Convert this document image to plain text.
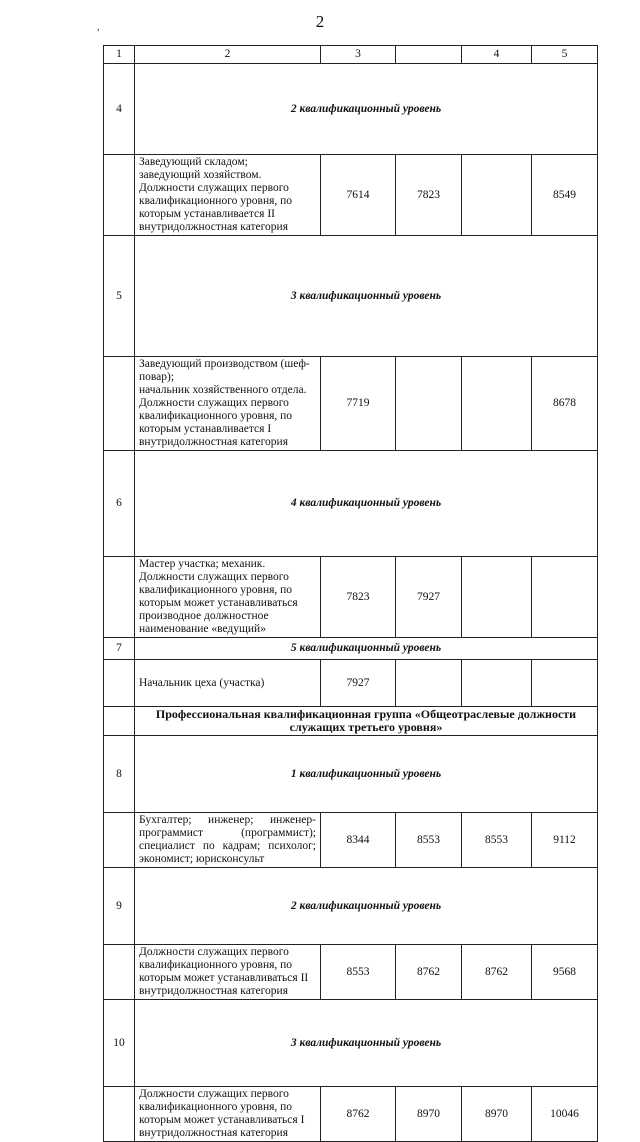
2
,
1	2	3		4	5
4	2 квалификационный уровень				
	Заведующий складом;
заведующий хозяйством.
Должности служащих первого квалификационного уровня, по которым устанавливается II внутридолжностная категория	7614	7823		8549
5	3 квалификационный уровень				
	Заведующий производством (шеф-повар);
начальник хозяйственного отдела.
Должности служащих первого квалификационного уровня, по которым устанавливается I внутридолжностная категория	7719			8678
6	4 квалификационный уровень				
	Мастер участка; механик.
Должности служащих первого квалификационного уровня, по которым может устанавливаться производное должностное наименование «ведущий»	7823	7927		
7	5 квалификационный уровень				
	Начальник цеха (участка)	7927			
	Профессиональная квалификационная группа «Общеотраслевые должности служащих третьего уровня»				
8	1 квалификационный уровень				
	Бухгалтер; инженер; инженер-программист (программист); специалист по кадрам; психолог; экономист; юрисконсульт	8344	8553	8553	9112
9	2 квалификационный уровень				
	Должности служащих первого квалификационного уровня, по которым может устанавливаться II внутридолжностная категория	8553	8762	8762	9568
10	3 квалификационный уровень				
	Должности служащих первого квалификационного уровня, по которым может устанавливаться I внутридолжностная категория	8762	8970	8970	10046
